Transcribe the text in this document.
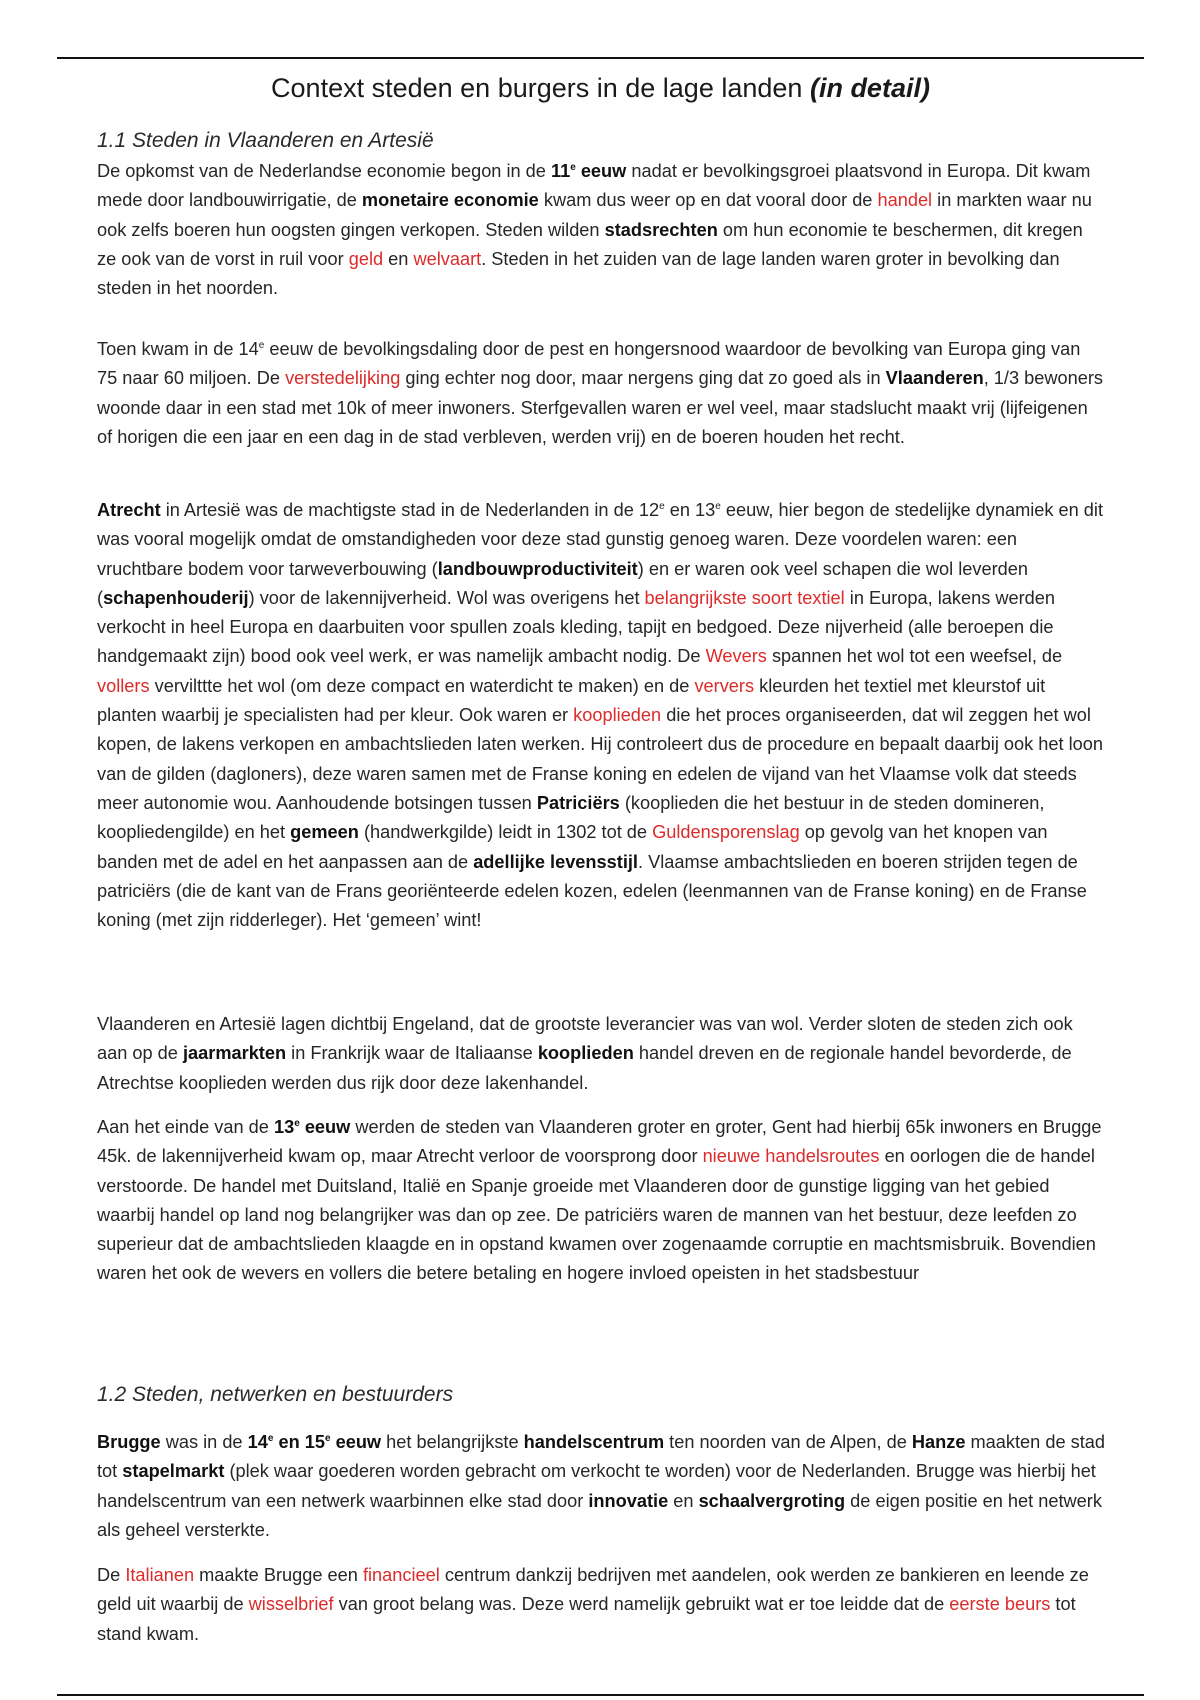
Context steden en burgers in de lage landen (in detail)
1.1 Steden in Vlaanderen en Artesië

De opkomst van de Nederlandse economie begon in de 11e eeuw nadat er bevolkingsgroei plaatsvond in Europa. Dit kwam mede door landbouwirrigatie, de monetaire economie kwam dus weer op en dat vooral door de handel in markten waar nu ook zelfs boeren hun oogsten gingen verkopen. Steden wilden stadsrechten om hun economie te beschermen, dit kregen ze ook van de vorst in ruil voor geld en welvaart. Steden in het zuiden van de lage landen waren groter in bevolking dan steden in het noorden.

Toen kwam in de 14e eeuw de bevolkingsdaling door de pest en hongersnood waardoor de bevolking van Europa ging van 75 naar 60 miljoen. De verstedelijking ging echter nog door, maar nergens ging dat zo goed als in Vlaanderen, 1/3 bewoners woonde daar in een stad met 10k of meer inwoners. Sterfgevallen waren er wel veel, maar stadslucht maakt vrij (lijfeigenen of horigen die een jaar en een dag in de stad verbleven, werden vrij) en de boeren houden het recht.

Atrecht in Artesië was de machtigste stad in de Nederlanden in de 12e en 13e eeuw, hier begon de stedelijke dynamiek en dit was vooral mogelijk omdat de omstandigheden voor deze stad gunstig genoeg waren. Deze voordelen waren: een vruchtbare bodem voor tarweverbouwing (landbouwproductiviteit) en er waren ook veel schapen die wol leverden (schapenhouderij) voor de lakennijverheid. Wol was overigens het belangrijkste soort textiel in Europa, lakens werden verkocht in heel Europa en daarbuiten voor spullen zoals kleding, tapijt en bedgoed. Deze nijverheid (alle beroepen die handgemaakt zijn) bood ook veel werk, er was namelijk ambacht nodig. De Wevers spannen het wol tot een weefsel, de vollers vervilttte het wol (om deze compact en waterdicht te maken) en de ververs kleurden het textiel met kleurstof uit planten waarbij je specialisten had per kleur. Ook waren er kooplieden die het proces organiseerden, dat wil zeggen het wol kopen, de lakens verkopen en ambachtslieden laten werken. Hij controleert dus de procedure en bepaalt daarbij ook het loon van de gilden (dagloners), deze waren samen met de Franse koning en edelen de vijand van het Vlaamse volk dat steeds meer autonomie wou. Aanhoudende botsingen tussen Patriciërs (kooplieden die het bestuur in de steden domineren, koopliedengilde) en het gemeen (handwerkgilde) leidt in 1302 tot de Guldensporenslag op gevolg van het knopen van banden met de adel en het aanpassen aan de adellijke levensstijl. Vlaamse ambachtslieden en boeren strijden tegen de patriciërs (die de kant van de Frans georiënteerde edelen kozen, edelen (leenmannen van de Franse koning) en de Franse koning (met zijn ridderleger). Het ‘gemeen’ wint!

Vlaanderen en Artesië lagen dichtbij Engeland, dat de grootste leverancier was van wol. Verder sloten de steden zich ook aan op de jaarmarkten in Frankrijk waar de Italiaanse kooplieden handel dreven en de regionale handel bevorderde, de Atrechtse kooplieden werden dus rijk door deze lakenhandel.

Aan het einde van de 13e eeuw werden de steden van Vlaanderen groter en groter, Gent had hierbij 65k inwoners en Brugge 45k. de lakennijverheid kwam op, maar Atrecht verloor de voorsprong door nieuwe handelsroutes en oorlogen die de handel verstoorde. De handel met Duitsland, Italië en Spanje groeide met Vlaanderen door de gunstige ligging van het gebied waarbij handel op land nog belangrijker was dan op zee. De patriciërs waren de mannen van het bestuur, deze leefden zo superieur dat de ambachtslieden klaagde en in opstand kwamen over zogenaamde corruptie en machtsmisbruik. Bovendien waren het ook de wevers en vollers die betere betaling en hogere invloed opeisten in het stadsbestuur

1.2 Steden, netwerken en bestuurders

Brugge was in de 14e en 15e eeuw het belangrijkste handelscentrum ten noorden van de Alpen, de Hanze maakten de stad tot stapelmarkt (plek waar goederen worden gebracht om verkocht te worden) voor de Nederlanden. Brugge was hierbij het handelscentrum van een netwerk waarbinnen elke stad door innovatie en schaalvergroting de eigen positie en het netwerk als geheel versterkte.

De Italianen maakte Brugge een financieel centrum dankzij bedrijven met aandelen, ook werden ze bankieren en leende ze geld uit waarbij de wisselbrief van groot belang was. Deze werd namelijk gebruikt wat er toe leidde dat de eerste beurs tot stand kwam.
